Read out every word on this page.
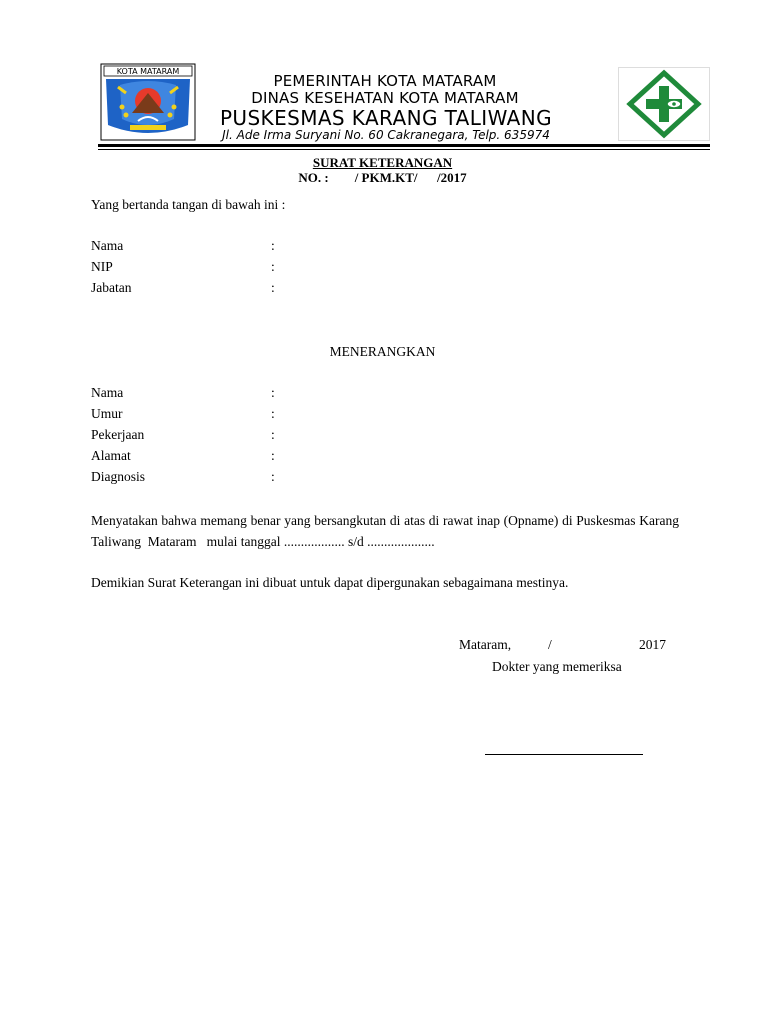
KOTA MATARAM
PEMERINTAH KOTA MATARAM
DINAS KESEHATAN KOTA MATARAM
PUSKESMAS KARANG TALIWANG
Jl. Ade Irma Suryani No. 60 Cakranegara, Telp. 635974
SURAT KETERANGAN
NO. :        / PKM.KT/      /2017
Yang bertanda tangan di bawah ini :
Nama	:
NIP	:
Jabatan	:
MENERANGKAN
Nama	:
Umur	:
Pekerjaan	:
Alamat	:
Diagnosis	:
Menyatakan bahwa memang benar yang bersangkutan di atas di rawat inap (Opname) di Puskesmas Karang Taliwang  Mataram   mulai tanggal .................. s/d ....................
Demikian Surat Keterangan ini dibuat untuk dapat dipergunakan sebagaimana mestinya.
Mataram,	/	2017
Dokter yang memeriksa
